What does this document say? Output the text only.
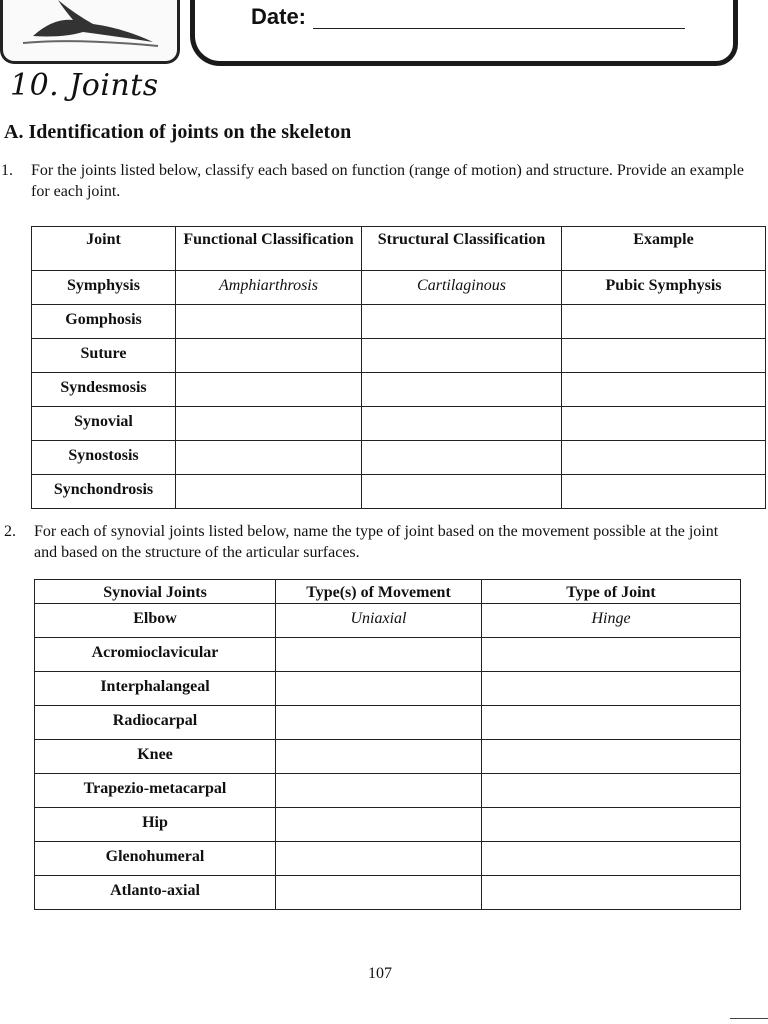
Date:
10. Joints
A. Identification of joints on the skeleton
1. For the joints listed below, classify each based on function (range of motion) and structure. Provide an example for each joint.
Joint	Functional Classification	Structural Classification	Example
Symphysis	Amphiarthrosis	Cartilaginous	Pubic Symphysis
Gomphosis			
Suture			
Syndesmosis			
Synovial			
Synostosis			
Synchondrosis			
2. For each of synovial joints listed below, name the type of joint based on the movement possible at the joint and based on the structure of the articular surfaces.
Synovial Joints	Type(s) of Movement	Type of Joint
Elbow	Uniaxial	Hinge
Acromioclavicular		
Interphalangeal		
Radiocarpal		
Knee		
Trapezio-metacarpal		
Hip		
Glenohumeral		
Atlanto-axial		
107
